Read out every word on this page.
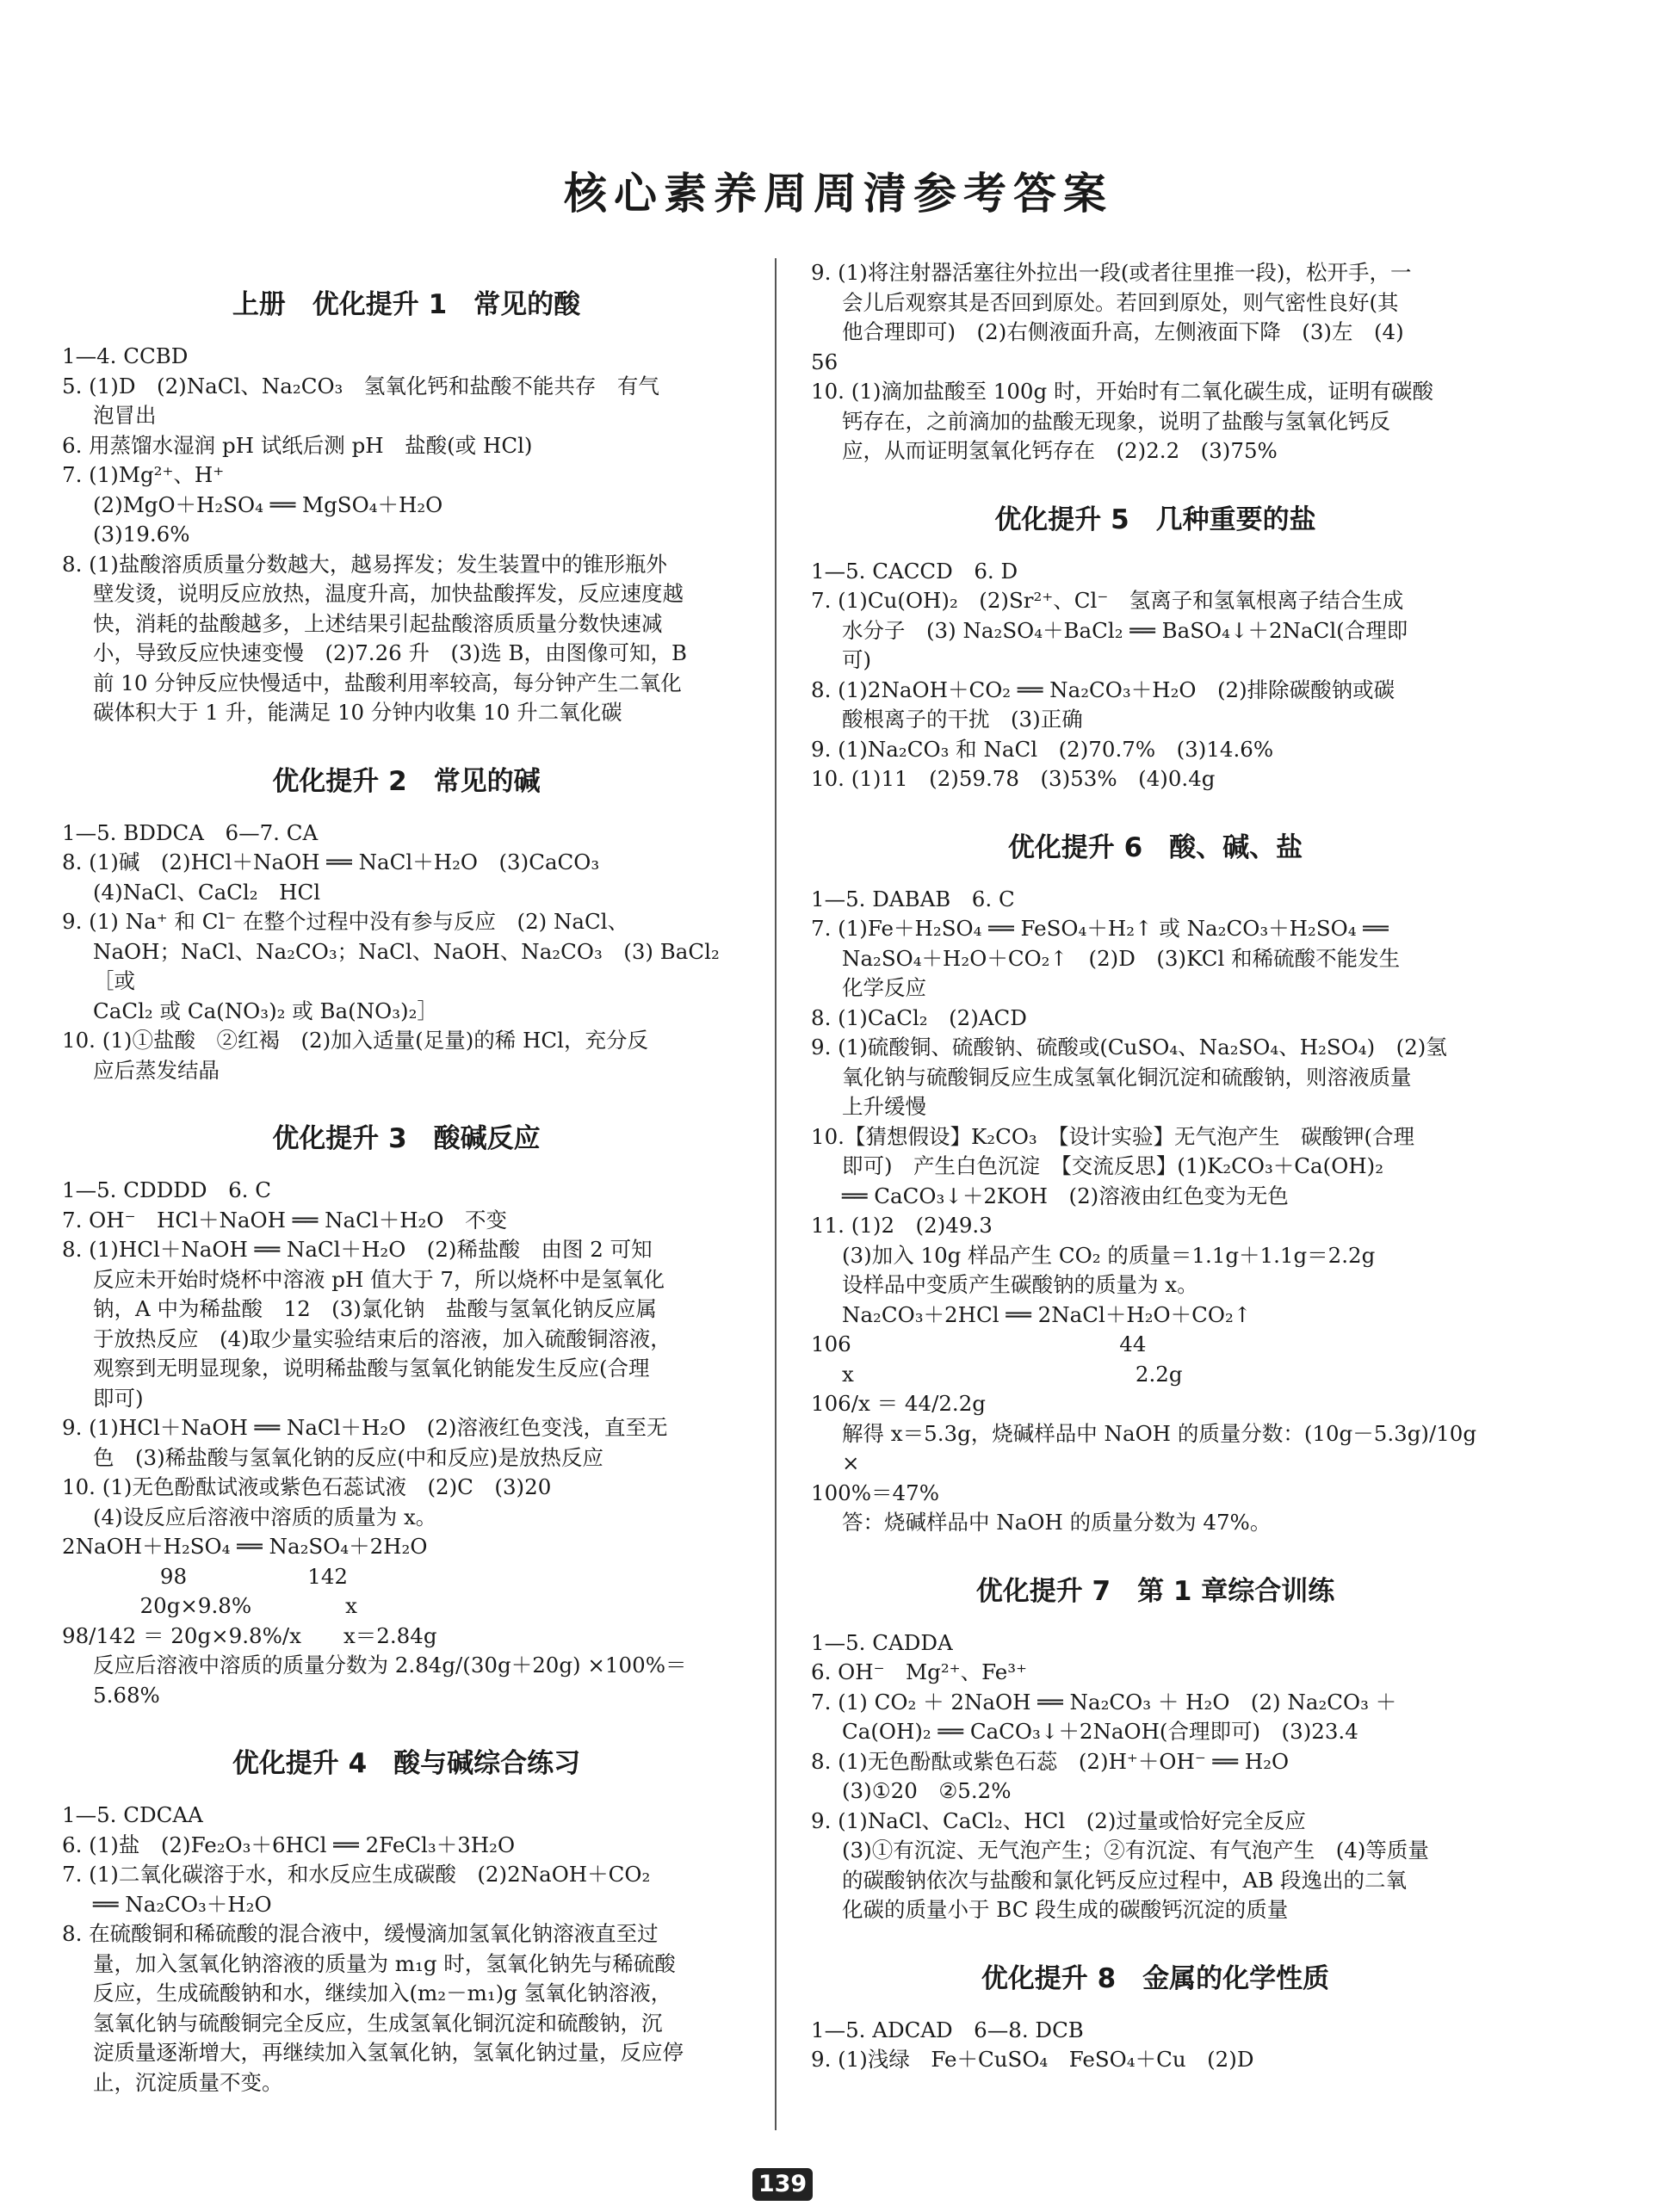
核心素养周周清参考答案
上册　优化提升 1　常见的酸
1—4. CCBD
5. (1)D　(2)NaCl、Na₂CO₃　氢氧化钙和盐酸不能共存　有气
泡冒出
6. 用蒸馏水湿润 pH 试纸后测 pH　盐酸(或 HCl)
7. (1)Mg²⁺、H⁺
(2)MgO＋H₂SO₄ ══ MgSO₄＋H₂O
(3)19.6%
8. (1)盐酸溶质质量分数越大，越易挥发；发生装置中的锥形瓶外
壁发烫，说明反应放热，温度升高，加快盐酸挥发，反应速度越
快，消耗的盐酸越多，上述结果引起盐酸溶质质量分数快速减
小，导致反应快速变慢　(2)7.26 升　(3)选 B，由图像可知，B
前 10 分钟反应快慢适中，盐酸利用率较高，每分钟产生二氧化
碳体积大于 1 升，能满足 10 分钟内收集 10 升二氧化碳
优化提升 2　常见的碱
1—5. BDDCA　6—7. CA
8. (1)碱　(2)HCl＋NaOH ══ NaCl＋H₂O　(3)CaCO₃
(4)NaCl、CaCl₂　HCl
9. (1) Na⁺ 和 Cl⁻ 在整个过程中没有参与反应　(2) NaCl、
NaOH；NaCl、Na₂CO₃；NaCl、NaOH、Na₂CO₃　(3) BaCl₂［或
CaCl₂ 或 Ca(NO₃)₂ 或 Ba(NO₃)₂］
10. (1)①盐酸　②红褐　(2)加入适量(足量)的稀 HCl，充分反
应后蒸发结晶
优化提升 3　酸碱反应
1—5. CDDDD　6. C
7. OH⁻　HCl＋NaOH ══ NaCl＋H₂O　不变
8. (1)HCl＋NaOH ══ NaCl＋H₂O　(2)稀盐酸　由图 2 可知
反应未开始时烧杯中溶液 pH 值大于 7，所以烧杯中是氢氧化
钠，A 中为稀盐酸　12　(3)氯化钠　盐酸与氢氧化钠反应属
于放热反应　(4)取少量实验结束后的溶液，加入硫酸铜溶液，
观察到无明显现象，说明稀盐酸与氢氧化钠能发生反应(合理
即可)
9. (1)HCl＋NaOH ══ NaCl＋H₂O　(2)溶液红色变浅，直至无
色　(3)稀盐酸与氢氧化钠的反应(中和反应)是放热反应
10. (1)无色酚酞试液或紫色石蕊试液　(2)C　(3)20
(4)设反应后溶液中溶质的质量为 x。
2NaOH＋H₂SO₄ ══ Na₂SO₄＋2H₂O
98                  142
20g×9.8%              x
98/142 ＝ 20g×9.8%/x　　x＝2.84g
反应后溶液中溶质的质量分数为 2.84g/(30g＋20g) ×100%＝5.68%
优化提升 4　酸与碱综合练习
1—5. CDCAA
6. (1)盐　(2)Fe₂O₃＋6HCl ══ 2FeCl₃＋3H₂O
7. (1)二氧化碳溶于水，和水反应生成碳酸　(2)2NaOH＋CO₂
══ Na₂CO₃＋H₂O
8. 在硫酸铜和稀硫酸的混合液中，缓慢滴加氢氧化钠溶液直至过
量，加入氢氧化钠溶液的质量为 m₁g 时，氢氧化钠先与稀硫酸
反应，生成硫酸钠和水，继续加入(m₂－m₁)g 氢氧化钠溶液，
氢氧化钠与硫酸铜完全反应，生成氢氧化铜沉淀和硫酸钠，沉
淀质量逐渐增大，再继续加入氢氧化钠，氢氧化钠过量，反应停
止，沉淀质量不变。
9. (1)将注射器活塞往外拉出一段(或者往里推一段)，松开手，一
会儿后观察其是否回到原处。若回到原处，则气密性良好(其
他合理即可)　(2)右侧液面升高，左侧液面下降　(3)左　(4)
56
10. (1)滴加盐酸至 100g 时，开始时有二氧化碳生成，证明有碳酸
钙存在，之前滴加的盐酸无现象，说明了盐酸与氢氧化钙反
应，从而证明氢氧化钙存在　(2)2.2　(3)75%
优化提升 5　几种重要的盐
1—5. CACCD　6. D
7. (1)Cu(OH)₂　(2)Sr²⁺、Cl⁻　氢离子和氢氧根离子结合生成
水分子　(3) Na₂SO₄＋BaCl₂ ══ BaSO₄↓＋2NaCl(合理即
可)
8. (1)2NaOH＋CO₂ ══ Na₂CO₃＋H₂O　(2)排除碳酸钠或碳
酸根离子的干扰　(3)正确
9. (1)Na₂CO₃ 和 NaCl　(2)70.7%　(3)14.6%
10. (1)11　(2)59.78　(3)53%　(4)0.4g
优化提升 6　酸、碱、盐
1—5. DABAB　6. C
7. (1)Fe＋H₂SO₄ ══ FeSO₄＋H₂↑ 或 Na₂CO₃＋H₂SO₄ ══
Na₂SO₄＋H₂O＋CO₂↑　(2)D　(3)KCl 和稀硫酸不能发生
化学反应
8. (1)CaCl₂　(2)ACD
9. (1)硫酸铜、硫酸钠、硫酸或(CuSO₄、Na₂SO₄、H₂SO₄)　(2)氢
氧化钠与硫酸铜反应生成氢氧化铜沉淀和硫酸钠，则溶液质量
上升缓慢
10.【猜想假设】K₂CO₃　【设计实验】无气泡产生　碳酸钾(合理
即可)　产生白色沉淀　【交流反思】(1)K₂CO₃＋Ca(OH)₂
══ CaCO₃↓＋2KOH　(2)溶液由红色变为无色
11. (1)2　(2)49.3
(3)加入 10g 样品产生 CO₂ 的质量＝1.1g＋1.1g＝2.2g
设样品中变质产生碳酸钠的质量为 x。
Na₂CO₃＋2HCl ══ 2NaCl＋H₂O＋CO₂↑
106                                        44
x                                          2.2g
106/x ＝ 44/2.2g
解得 x＝5.3g，烧碱样品中 NaOH 的质量分数：(10g－5.3g)/10g ×
100%＝47%
答：烧碱样品中 NaOH 的质量分数为 47%。
优化提升 7　第 1 章综合训练
1—5. CADDA
6. OH⁻　Mg²⁺、Fe³⁺
7. (1) CO₂ ＋ 2NaOH ══ Na₂CO₃ ＋ H₂O　(2) Na₂CO₃ ＋
Ca(OH)₂ ══ CaCO₃↓＋2NaOH(合理即可)　(3)23.4
8. (1)无色酚酞或紫色石蕊　(2)H⁺＋OH⁻ ══ H₂O
(3)①20　②5.2%
9. (1)NaCl、CaCl₂、HCl　(2)过量或恰好完全反应
(3)①有沉淀、无气泡产生；②有沉淀、有气泡产生　(4)等质量
的碳酸钠依次与盐酸和氯化钙反应过程中，AB 段逸出的二氧
化碳的质量小于 BC 段生成的碳酸钙沉淀的质量
优化提升 8　金属的化学性质
1—5. ADCAD　6—8. DCB
9. (1)浅绿　Fe＋CuSO₄　FeSO₄＋Cu　(2)D
139
